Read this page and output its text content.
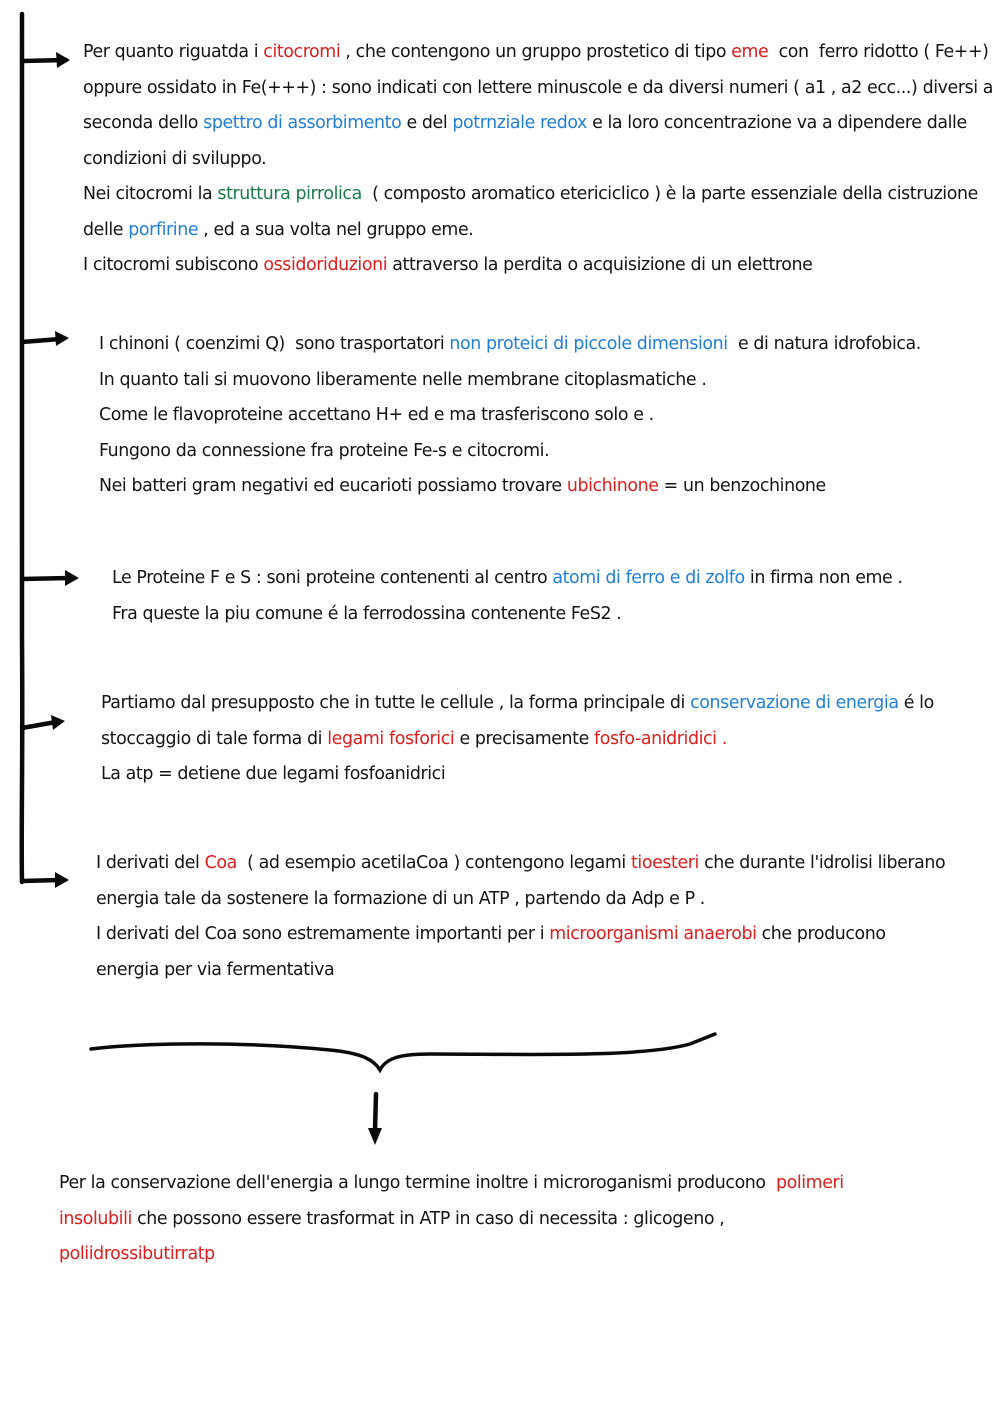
Per quanto riguatda i citocromi , che contengono un gruppo prostetico di tipo eme  con  ferro ridotto ( Fe++)
oppure ossidato in Fe(+++) : sono indicati con lettere minuscole e da diversi numeri ( a1 , a2 ecc...) diversi a
seconda dello spettro di assorbimento e del potrnziale redox e la loro concentrazione va a dipendere dalle
condizioni di sviluppo.
Nei citocromi la struttura pirrolica  ( composto aromatico etericiclico ) è la parte essenziale della cistruzione
delle porfirine , ed a sua volta nel gruppo eme.
I citocromi subiscono ossidoriduzioni attraverso la perdita o acquisizione di un elettrone
I chinoni ( coenzimi Q)  sono trasportatori non proteici di piccole dimensioni  e di natura idrofobica.
In quanto tali si muovono liberamente nelle membrane citoplasmatiche .
Come le flavoproteine accettano H+ ed e ma trasferiscono solo e .
Fungono da connessione fra proteine Fe-s e citocromi.
Nei batteri gram negativi ed eucarioti possiamo trovare ubichinone = un benzochinone
Le Proteine F e S : soni proteine contenenti al centro atomi di ferro e di zolfo in firma non eme .
Fra queste la piu comune é la ferrodossina contenente FeS2 .
Partiamo dal presupposto che in tutte le cellule , la forma principale di conservazione di energia é lo
stoccaggio di tale forma di legami fosforici e precisamente fosfo-anidridici .
La atp = detiene due legami fosfoanidrici
I derivati del Coa  ( ad esempio acetilaCoa ) contengono legami tioesteri che durante l'idrolisi liberano
energia tale da sostenere la formazione di un ATP , partendo da Adp e P .
I derivati del Coa sono estremamente importanti per i microorganismi anaerobi che producono
energia per via fermentativa
Per la conservazione dell'energia a lungo termine inoltre i microroganismi producono  polimeri
insolubili che possono essere trasformat in ATP in caso di necessita : glicogeno ,
poliidrossibutirratp
